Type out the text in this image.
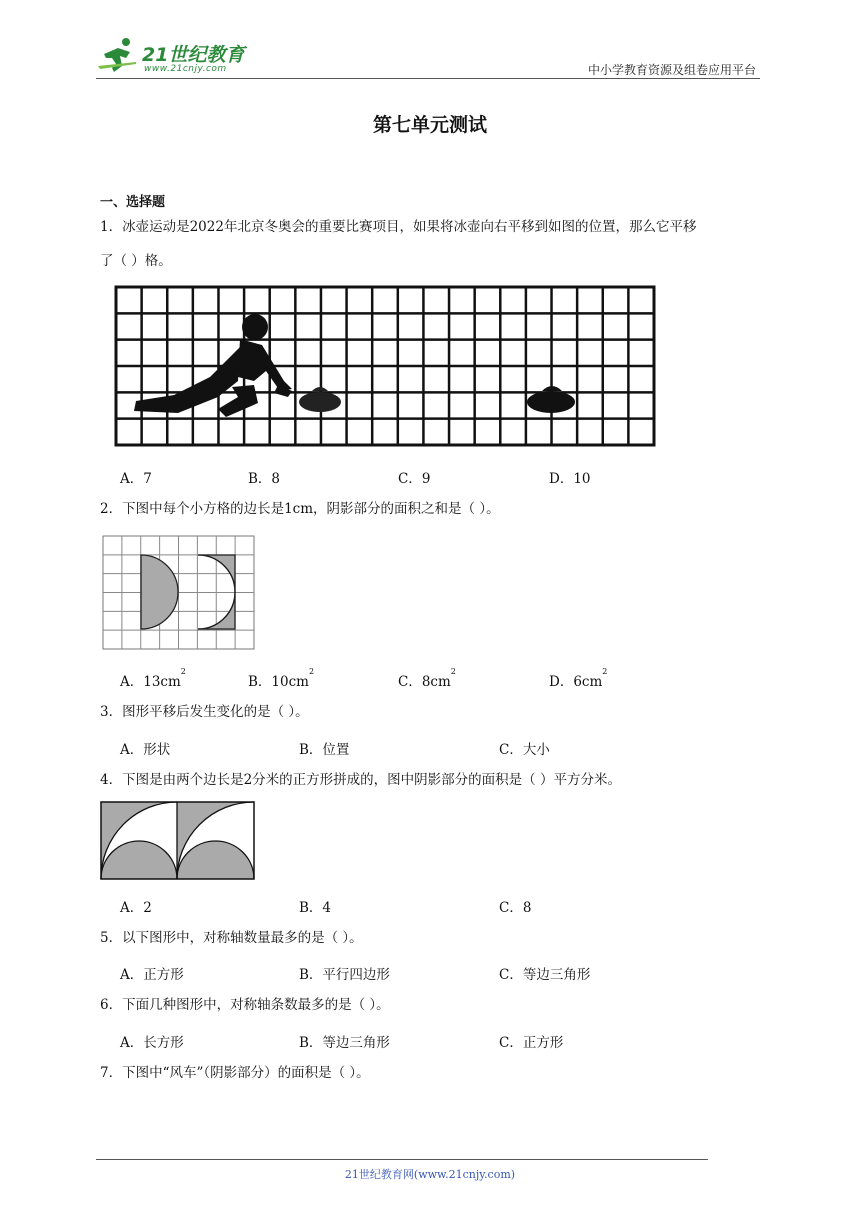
21世纪教育
www.21cnjy.com	中小学教育资源及组卷应用平台
第七单元测试
一、选择题
1．冰壶运动是2022年北京冬奥会的重要比赛项目，如果将冰壶向右平移到如图的位置，那么它平移
了（ ）格。
A．7	B．8	C．9	D．10
2．下图中每个小方格的边长是1cm，阴影部分的面积之和是（ ）。
A．$13cm^2$
B．$10cm^2$
C．$8cm^2$
D．$6cm^2$
3．图形平移后发生变化的是（ ）。
A．形状	B．位置	C．大小
4．下图是由两个边长是2分米的正方形拼成的，图中阴影部分的面积是（ ）平方分米。
A．2	B．4	C．8
5．以下图形中，对称轴数量最多的是（ ）。
A．正方形	B．平行四边形	C．等边三角形
6．下面几种图形中，对称轴条数最多的是（ ）。
A．长方形	B．等边三角形	C．正方形
7．下图中“风车”（阴影部分）的面积是（ ）。
21世纪教育网(www.21cnjy.com)
